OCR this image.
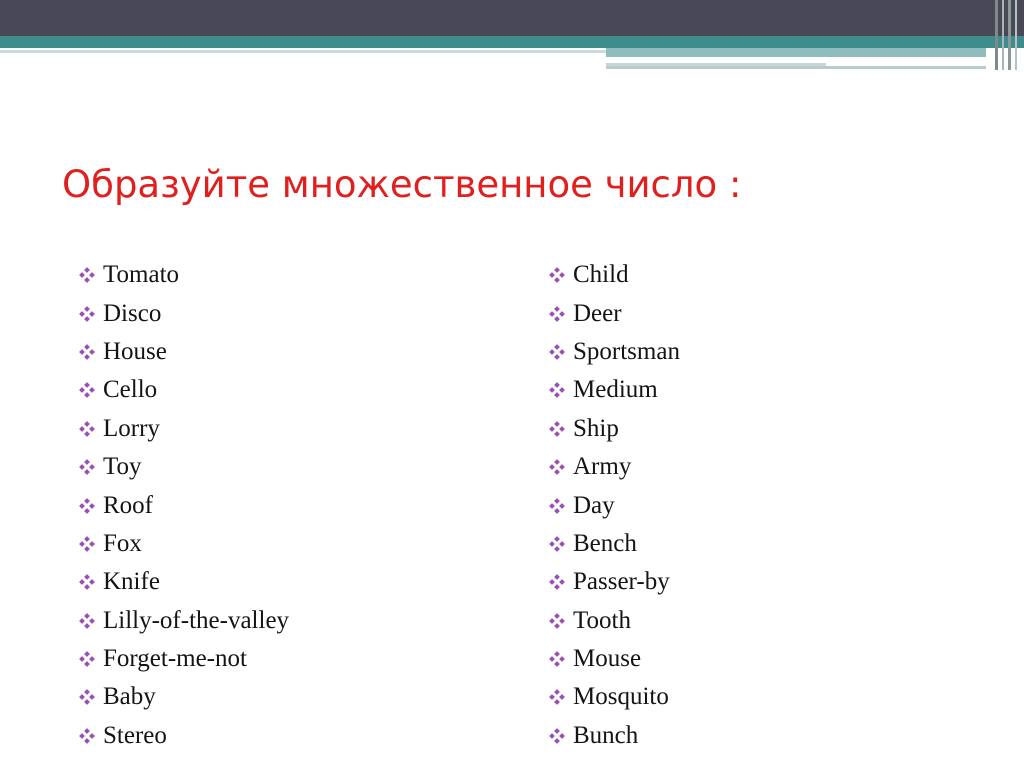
Образуйте множественное число :
Tomato
Disco
House
Cello
Lorry
Toy
Roof
Fox
Knife
Lilly-of-the-valley
Forget-me-not
Baby
Stereo
Child
Deer
Sportsman
Medium
Ship
Army
Day
Bench
Passer-by
Tooth
Mouse
Mosquito
Bunch
